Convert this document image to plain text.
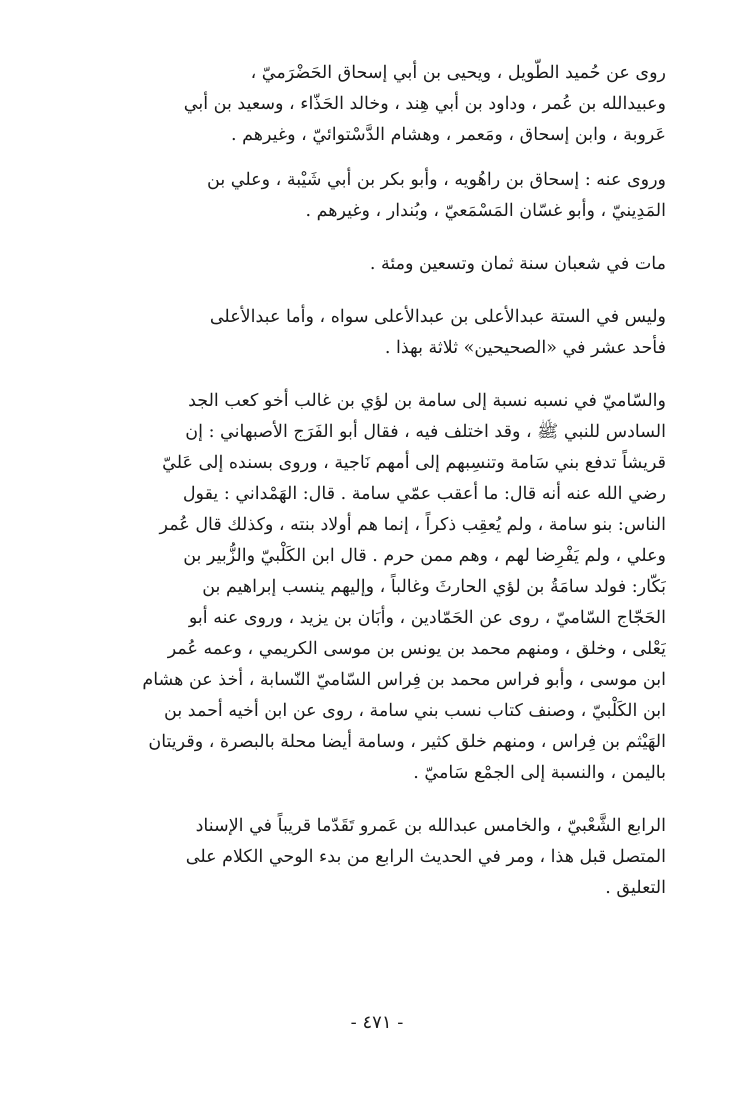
روى عن حُميد الطّويل ، ويحيى بن أبي إسحاق الحَضْرَميّ ،
وعبيدالله بن عُمر ، وداود بن أبي هِند ، وخالد الحَذّاء ، وسعيد بن أبي
عَروبة ، وابن إسحاق ، ومَعمر ، وهشام الدَّسْتوائيّ ، وغيرهم .
وروى عنه : إسحاق بن راهُويه ، وأبو بكر بن أبي شَيْبة ، وعلي بن
المَدِينيّ ، وأبو غسّان المَسْمَعيّ ، وبُندار ، وغيرهم .
مات في شعبان سنة ثمان وتسعين ومئة .
وليس في الستة عبدالأعلى بن عبدالأعلى سواه ، وأما عبدالأعلى
فأحد عشر في «الصحيحين» ثلاثة بهذا .
والسّاميّ في نسبه نسبة إلى سامة بن لؤي بن غالب أخو كعب الجد
السادس للنبي ﷺ ، وقد اختلف فيه ، فقال أبو الفَرَج الأصبهاني : إن
قريشاً تدفع بني سَامة وتنسِبهم إلى أمهم نَاجية ، وروى بسنده إلى عَليّ
رضي الله عنه أنه قال: ما أعقب عمّي سامة . قال: الهَمْداني : يقول
الناس: بنو سامة ، ولم يُعقِب ذكراً ، إنما هم أولاد بنته ، وكذلك قال عُمر
وعلي ، ولم يَفْرِضا لهم ، وهم ممن حرم . قال ابن الكَلْبيّ والزُّبير بن
بَكّار: فولد سامَةُ بن لؤي الحارثَ وغالباً ، وإليهم ينسب إبراهيم بن
الحَجّاج السّاميّ ، روى عن الحَمّادين ، وأبَان بن يزيد ، وروى عنه أبو
يَعْلى ، وخلق ، ومنهم محمد بن يونس بن موسى الكريمي ، وعمه عُمر
ابن موسى ، وأبو فراس محمد بن فِراس السّاميّ النّسابة ، أخذ عن هشام
ابن الكَلْبيّ ، وصنف كتاب نسب بني سامة ، روى عن ابن أخيه أحمد بن
الهَيْثم بن فِراس ، ومنهم خلق كثير ، وسامة أيضا محلة بالبصرة ، وقريتان
باليمن ، والنسبة إلى الجمْع سَاميّ .
الرابع الشَّعْبيّ ، والخامس عبدالله بن عَمرو تَقَدّما قريباً في الإسناد
المتصل قبل هذا ، ومر في الحديث الرابع من بدء الوحي الكلام على
التعليق .
- ٤٧١ -
